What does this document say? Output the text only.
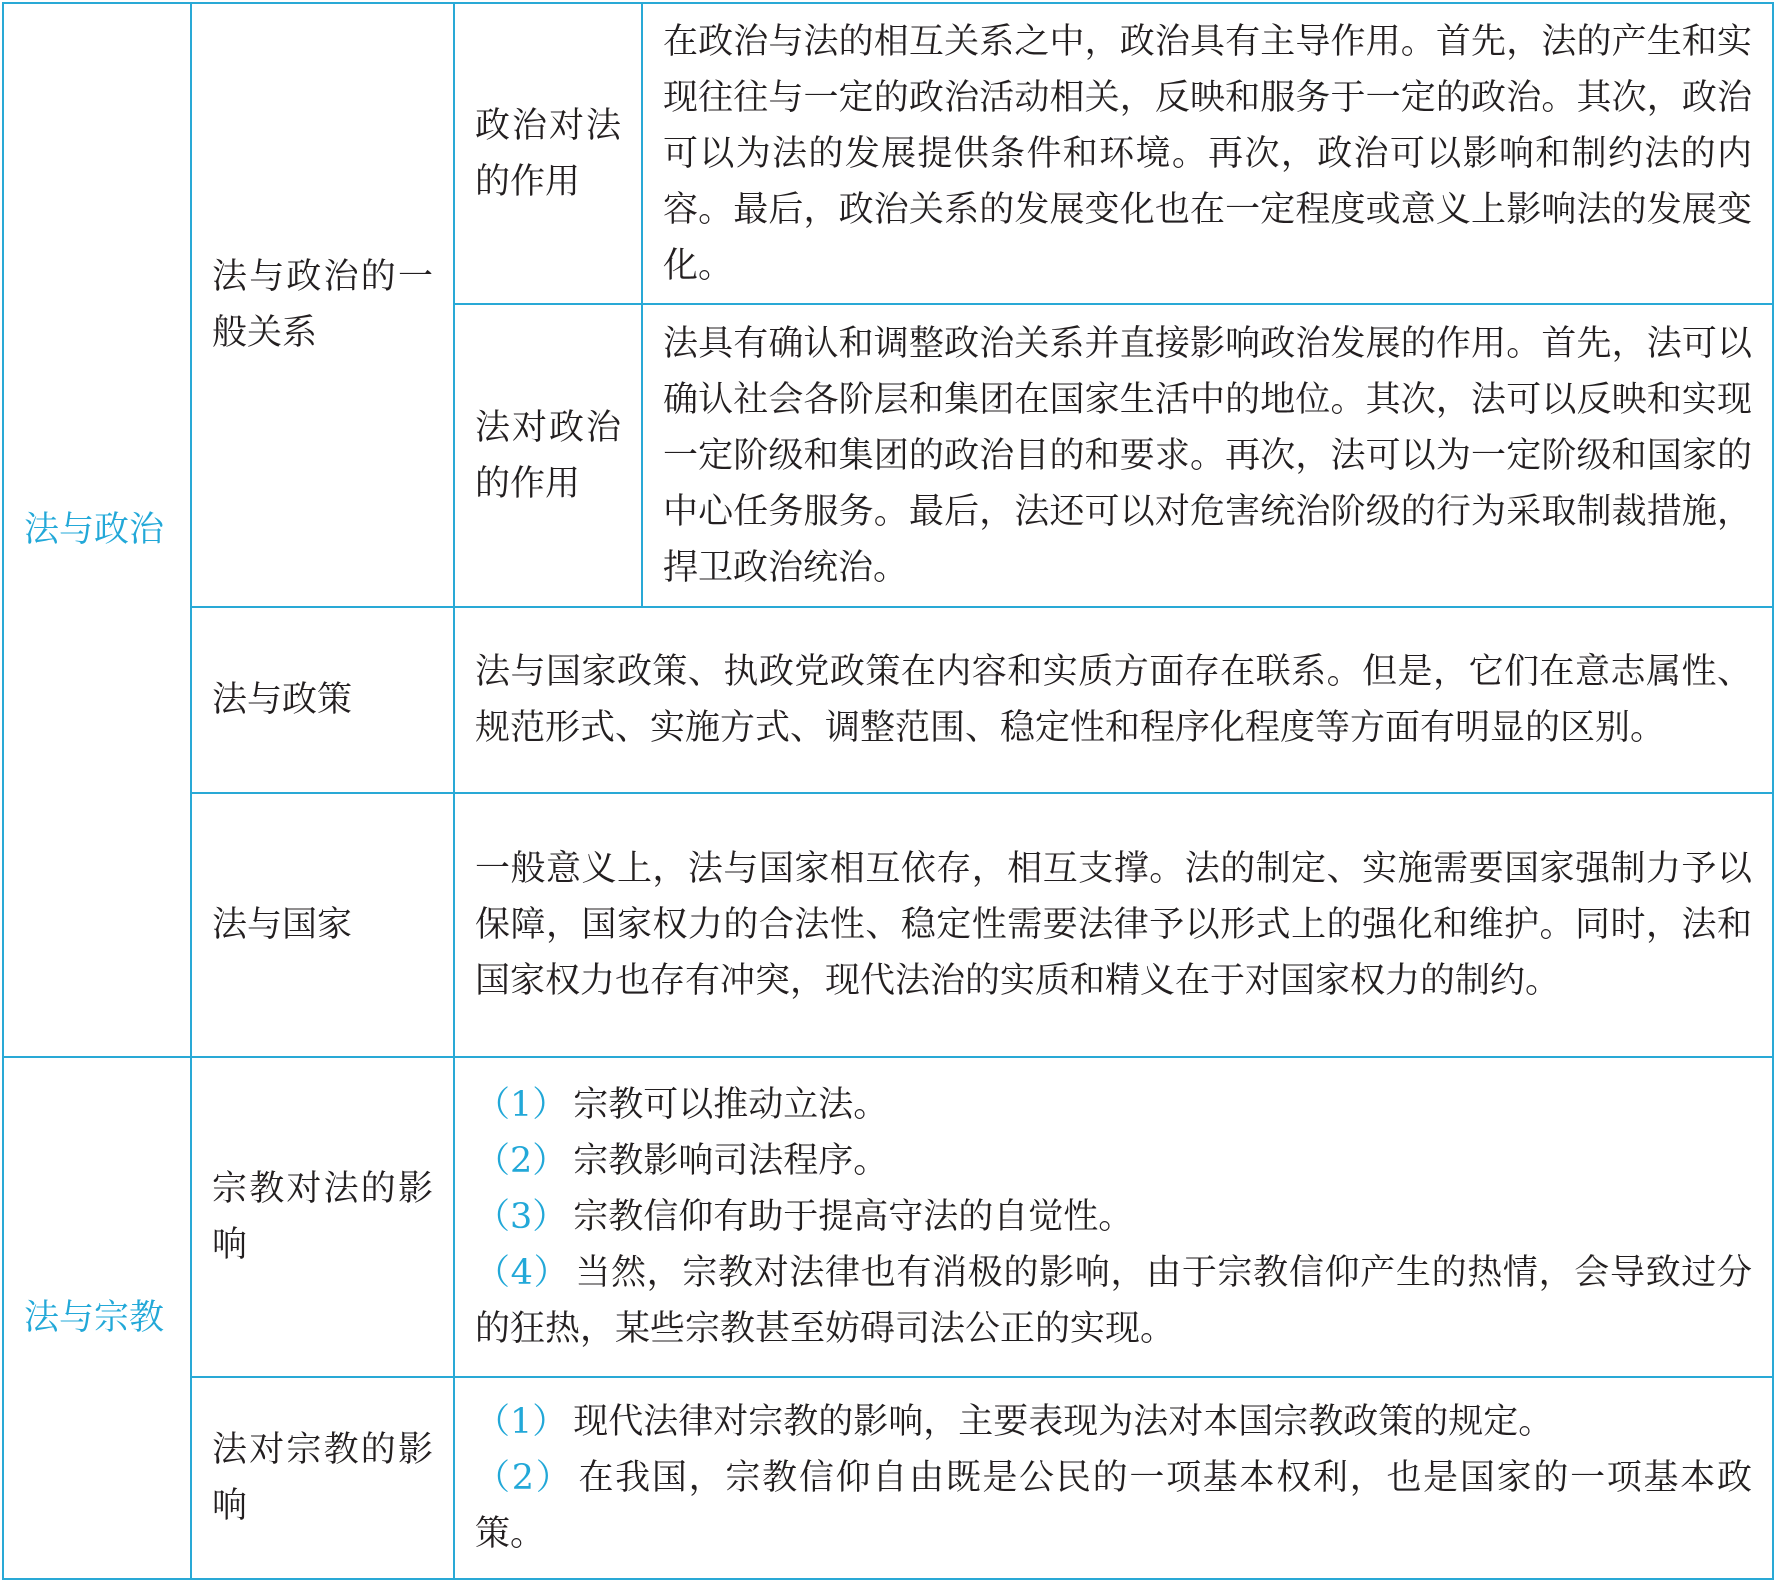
法与政治	法与政治的一般关系	政治对法的作用	在政治与法的相互关系之中，政治具有主导作用。首先，法的产生和实现往往与一定的政治活动相关，反映和服务于一定的政治。其次，政治可以为法的发展提供条件和环境。再次，政治可以影响和制约法的内容。最后，政治关系的发展变化也在一定程度或意义上影响法的发展变化。
		法对政治的作用	法具有确认和调整政治关系并直接影响政治发展的作用。首先，法可以确认社会各阶层和集团在国家生活中的地位。其次，法可以反映和实现一定阶级和集团的政治目的和要求。再次，法可以为一定阶级和国家的中心任务服务。最后，法还可以对危害统治阶级的行为采取制裁措施，捍卫政治统治。
	法与政策	法与国家政策、执政党政策在内容和实质方面存在联系。但是，它们在意志属性、规范形式、实施方式、调整范围、稳定性和程序化程度等方面有明显的区别。	
	法与国家	一般意义上，法与国家相互依存，相互支撑。法的制定、实施需要国家强制力予以保障，国家权力的合法性、稳定性需要法律予以形式上的强化和维护。同时，法和国家权力也存有冲突，现代法治的实质和精义在于对国家权力的制约。	
法与宗教	宗教对法的影响	（1） 宗教可以推动立法。
（2） 宗教影响司法程序。
（3） 宗教信仰有助于提高守法的自觉性。
（4） 当然，宗教对法律也有消极的影响，由于宗教信仰产生的热情，会导致过分的狂热，某些宗教甚至妨碍司法公正的实现。	

	法对宗教的影响	（1） 现代法律对宗教的影响，主要表现为法对本国宗教政策的规定。
（2） 在我国，宗教信仰自由既是公民的一项基本权利，也是国家的一项基本政策。	
